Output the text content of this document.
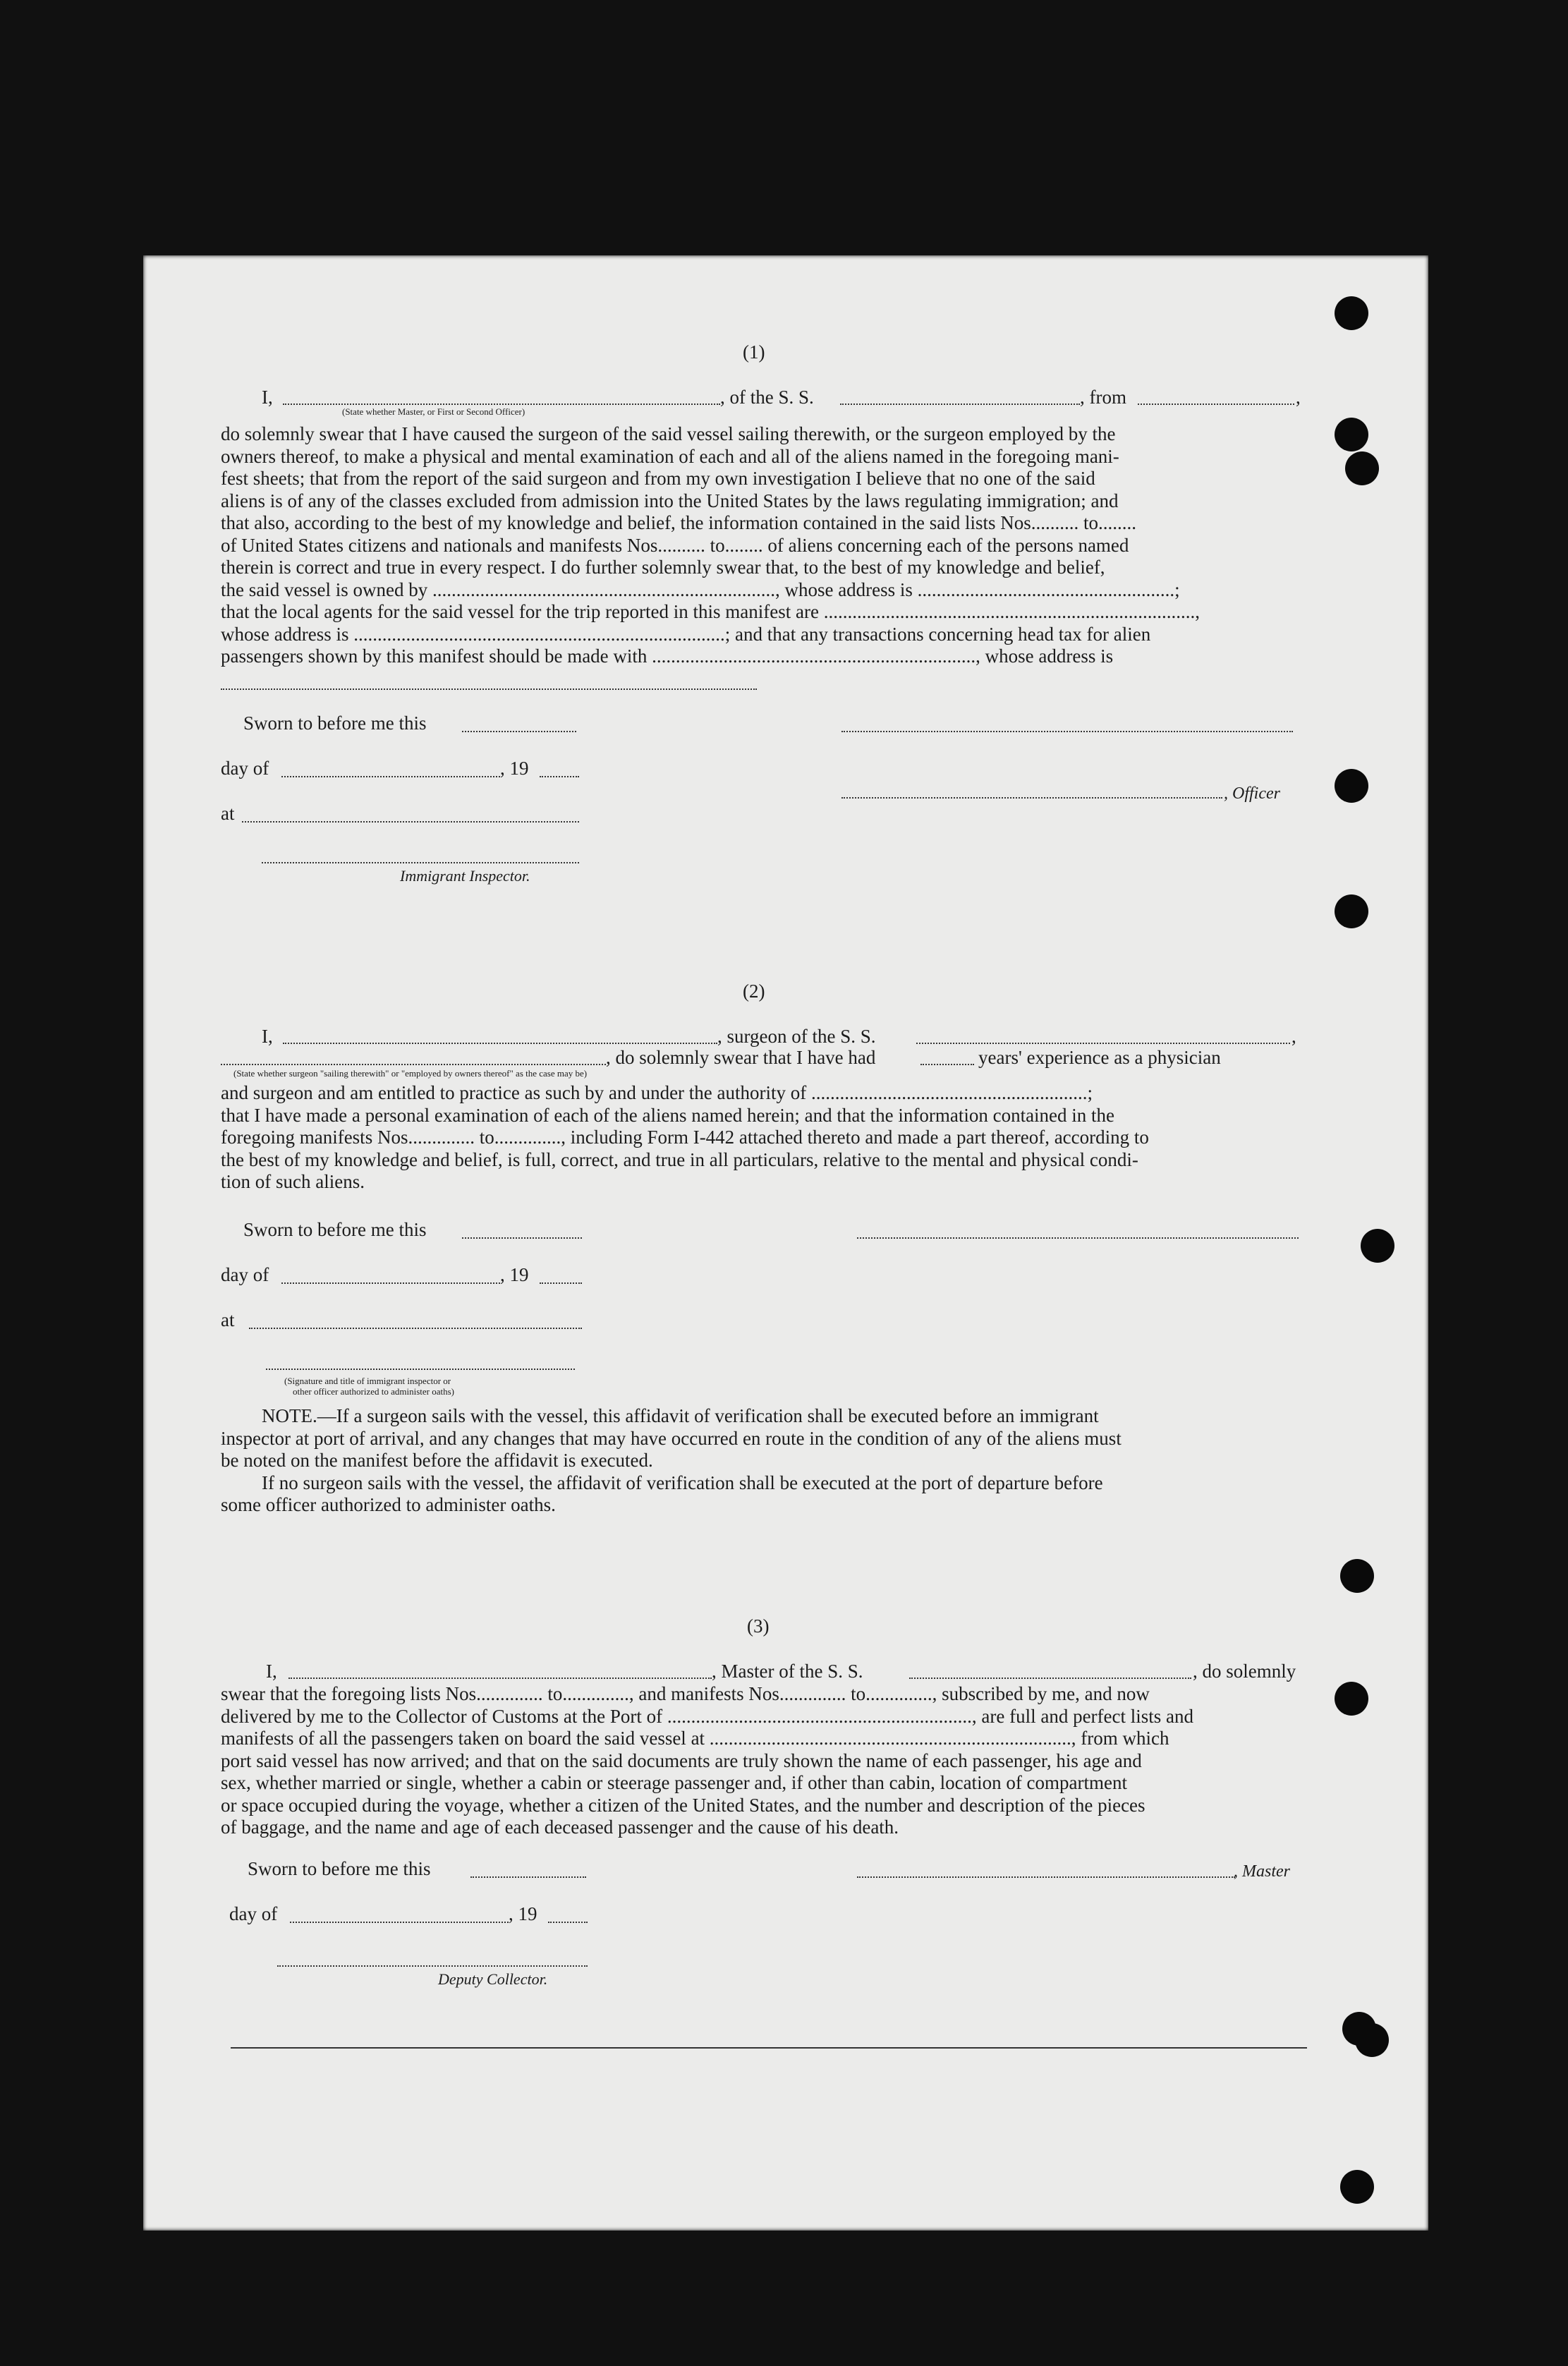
(1)
I,	, of the S. S.	, from	,
(State whether Master, or First or Second Officer)
do solemnly swear that I have caused the surgeon of the said vessel sailing therewith, or the surgeon employed by the
owners thereof, to make a physical and mental examination of each and all of the aliens named in the foregoing mani-
fest sheets; that from the report of the said surgeon and from my own investigation I believe that no one of the said
aliens is of any of the classes excluded from admission into the United States by the laws regulating immigration; and
that also, according to the best of my knowledge and belief, the information contained in the said lists Nos.......... to........
of United States citizens and nationals and manifests Nos.......... to........ of aliens concerning each of the persons named
therein is correct and true in every respect. I do further solemnly swear that, to the best of my knowledge and belief,
the said vessel is owned by ........................................................................, whose address is ......................................................;
that the local agents for the said vessel for the trip reported in this manifest are ..............................................................................,
whose address is ..............................................................................; and that any transactions concerning head tax for alien
passengers shown by this manifest should be made with ...................................................................., whose address is
Sworn to before me this
day of	, 19
, Officer
at
Immigrant Inspector.
(2)
I,	, surgeon of the S. S.	,
, do solemnly swear that I have had	years' experience as a physician
(State whether surgeon "sailing therewith" or "employed by owners thereof" as the case may be)
and surgeon and am entitled to practice as such by and under the authority of ..........................................................;
that I have made a personal examination of each of the aliens named herein; and that the information contained in the
foregoing manifests Nos.............. to.............., including Form I-442 attached thereto and made a part thereof, according to
the best of my knowledge and belief, is full, correct, and true in all particulars, relative to the mental and physical condi-
tion of such aliens.
Sworn to before me this
day of	, 19
at
(Signature and title of immigrant inspector or
other officer authorized to administer oaths)
NOTE.—If a surgeon sails with the vessel, this affidavit of verification shall be executed before an immigrant
inspector at port of arrival, and any changes that may have occurred en route in the condition of any of the aliens must
be noted on the manifest before the affidavit is executed.
If no surgeon sails with the vessel, the affidavit of verification shall be executed at the port of departure before
some officer authorized to administer oaths.
(3)
I,	, Master of the S. S.	, do solemnly
swear that the foregoing lists Nos.............. to.............., and manifests Nos.............. to.............., subscribed by me, and now
delivered by me to the Collector of Customs at the Port of ................................................................, are full and perfect lists and
manifests of all the passengers taken on board the said vessel at ............................................................................, from which
port said vessel has now arrived; and that on the said documents are truly shown the name of each passenger, his age and
sex, whether married or single, whether a cabin or steerage passenger and, if other than cabin, location of compartment
or space occupied during the voyage, whether a citizen of the United States, and the number and description of the pieces
of baggage, and the name and age of each deceased passenger and the cause of his death.
Sworn to before me this	, Master
day of	, 19
Deputy Collector.
